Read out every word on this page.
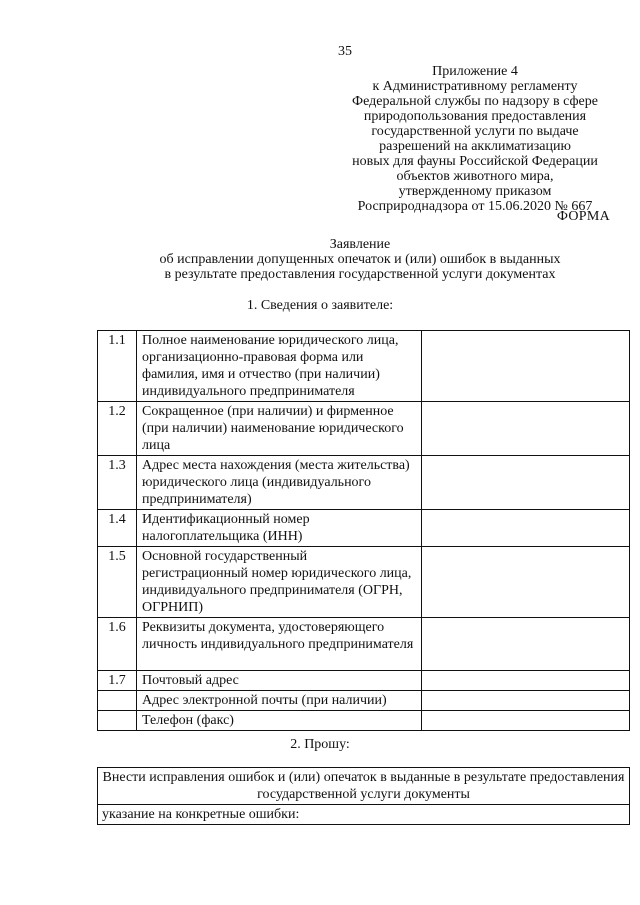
35
Приложение 4
к Административному регламенту
Федеральной службы по надзору в сфере
природопользования предоставления
государственной услуги по выдаче
разрешений на акклиматизацию
новых для фауны Российской Федерации
объектов животного мира,
утвержденному приказом
Росприроднадзора от 15.06.2020 № 667
ФОРМА
Заявление
об исправлении допущенных опечаток и (или) ошибок в выданных
в результате предоставления государственной услуги документах
1. Сведения о заявителе:
1.1	Полное наименование юридического лица, организационно-правовая форма или фамилия, имя и отчество (при наличии) индивидуального предпринимателя	
1.2	Сокращенное (при наличии) и фирменное (при наличии) наименование юридического лица	
1.3	Адрес места нахождения (места жительства) юридического лица (индивидуального предпринимателя)	
1.4	Идентификационный номер налогоплательщика (ИНН)	
1.5	Основной государственный регистрационный номер юридического лица, индивидуального предпринимателя (ОГРН, ОГРНИП)	
1.6	Реквизиты документа, удостоверяющего личность индивидуального предпринимателя	
1.7	Почтовый адрес	
	Адрес электронной почты (при наличии)	
	Телефон (факс)	
2. Прошу:
Внести исправления ошибок и (или) опечаток в выданные в результате предоставления государственной услуги документы
указание на конкретные ошибки:
